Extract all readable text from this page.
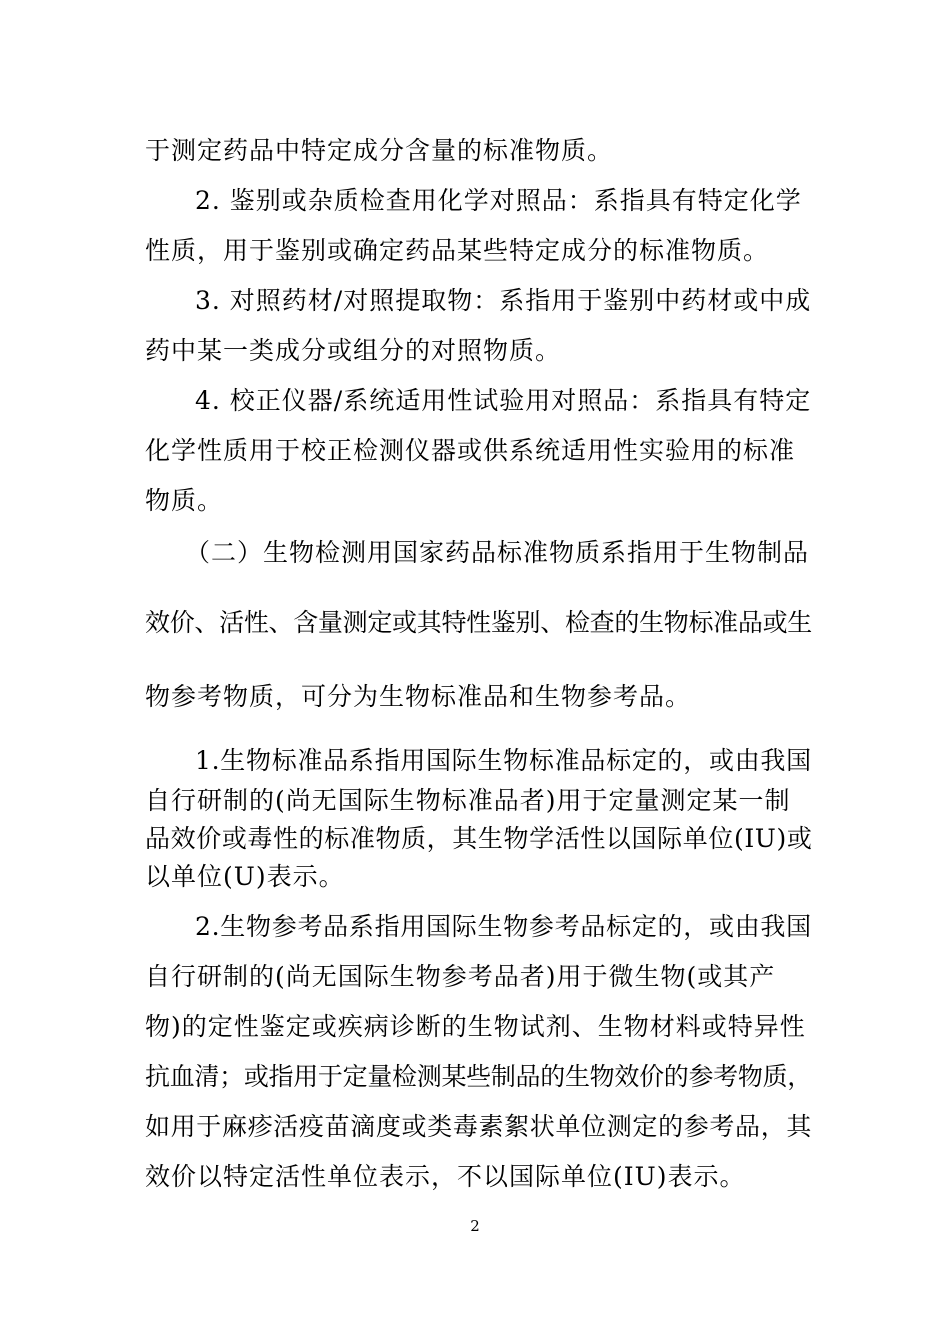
于测定药品中特定成分含量的标准物质。
2. 鉴别或杂质检查用化学对照品：系指具有特定化学
性质，用于鉴别或确定药品某些特定成分的标准物质。
3. 对照药材/对照提取物：系指用于鉴别中药材或中成
药中某一类成分或组分的对照物质。
4. 校正仪器/系统适用性试验用对照品：系指具有特定
化学性质用于校正检测仪器或供系统适用性实验用的标准
物质。
（二）生物检测用国家药品标准物质系指用于生物制品
效价、活性、含量测定或其特性鉴别、检查的生物标准品或生
物参考物质，可分为生物标准品和生物参考品。
1.生物标准品系指用国际生物标准品标定的，或由我国
自行研制的(尚无国际生物标准品者)用于定量测定某一制
品效价或毒性的标准物质，其生物学活性以国际单位(IU)或
以单位(U)表示。
2.生物参考品系指用国际生物参考品标定的，或由我国
自行研制的(尚无国际生物参考品者)用于微生物(或其产
物)的定性鉴定或疾病诊断的生物试剂、生物材料或特异性
抗血清；或指用于定量检测某些制品的生物效价的参考物质，
如用于麻疹活疫苗滴度或类毒素絮状单位测定的参考品，其
效价以特定活性单位表示，不以国际单位(IU)表示。
2
